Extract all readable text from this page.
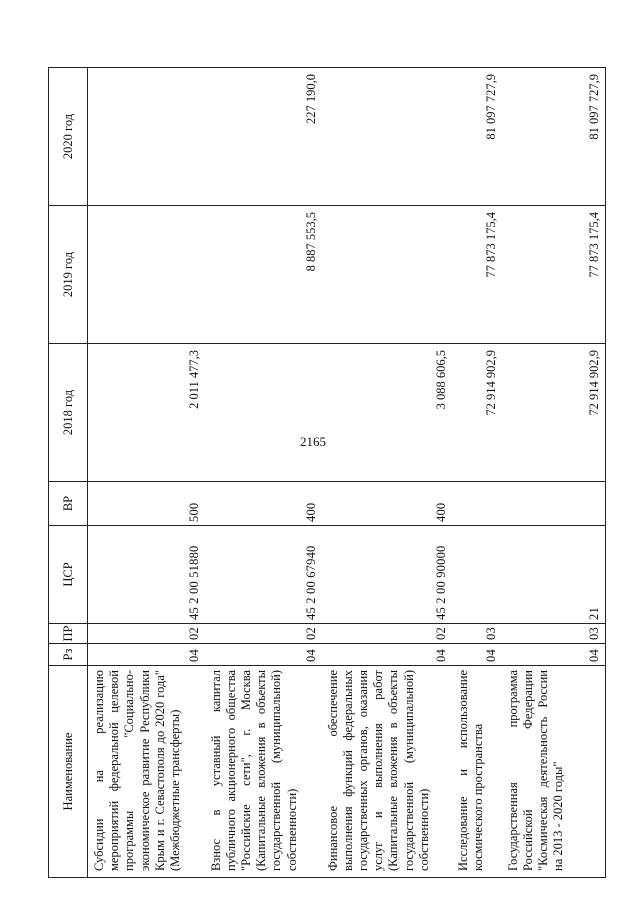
2165
Наименование	Рз	ПР	ЦСР	ВР	2018 год	2019 год	2020 год
Субсидии на реализацию мероприятий федеральной целевой программы "Социально-экономическое развитие Республики Крым и г. Севастополя до 2020 года" (Межбюджетные трансферты)	04	02	45 2 00 51880	500	2 011 477,3		
Взнос в уставный капитал публичного акционерного общества "Российские сети", г. Москва (Капитальные вложения в объекты государственной (муниципальной) собственности)	04	02	45 2 00 67940	400		8 887 553,5	227 190,0
Финансовое обеспечение выполнения функций федеральных государственных органов, оказания услуг и выполнения работ (Капитальные вложения в объекты государственной (муниципальной) собственности)	04	02	45 2 00 90000	400	3 088 606,5		
Исследование и использование космического пространства	04	03			72 914 902,9	77 873 175,4	81 097 727,9
Государственная программа Российской Федерации "Космическая деятельность России на 2013 - 2020 годы"	04	03	21		72 914 902,9	77 873 175,4	81 097 727,9
